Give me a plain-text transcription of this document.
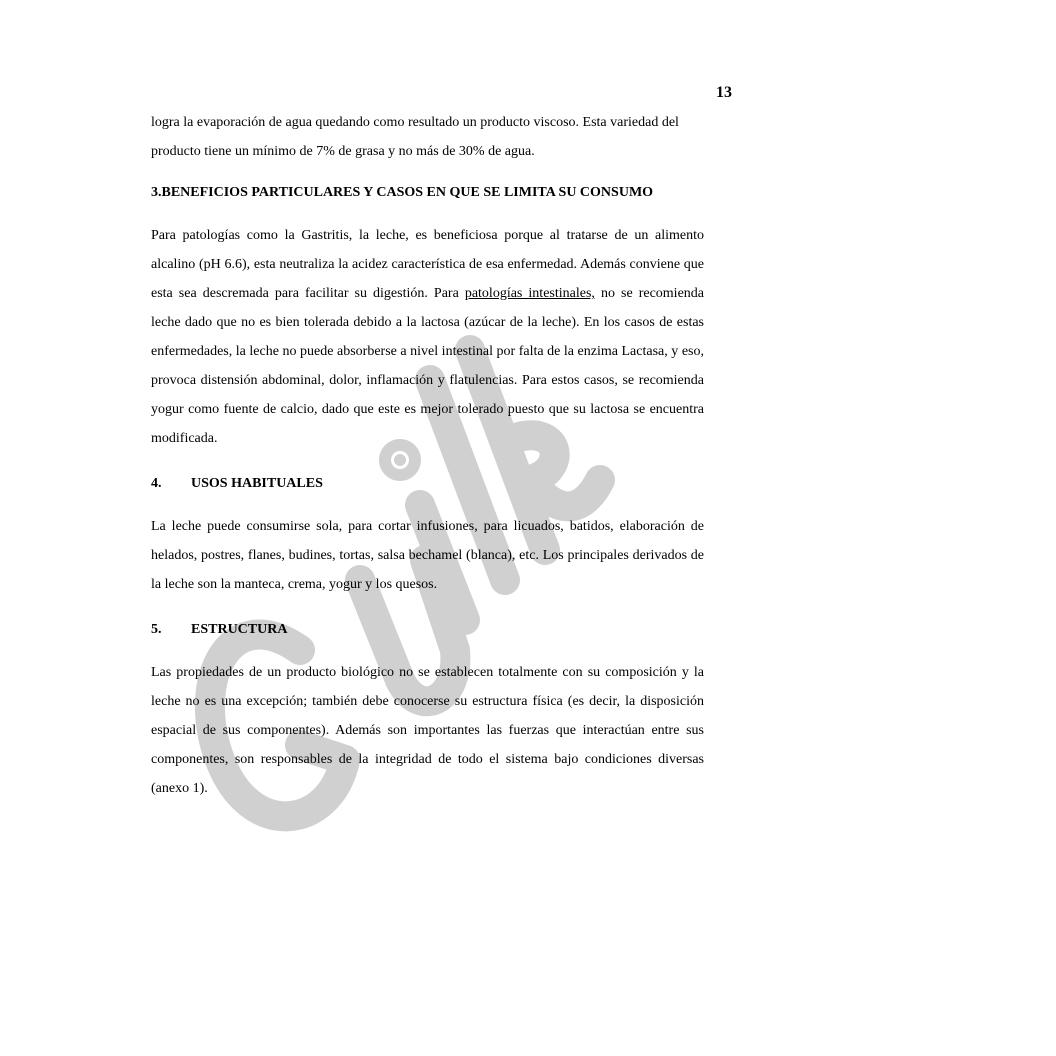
13

logra la evaporación de agua quedando como resultado un producto viscoso. Esta variedad del producto tiene un mínimo de 7% de grasa y no más de 30% de agua.

3.BENEFICIOS PARTICULARES Y CASOS EN QUE SE LIMITA SU CONSUMO

Para patologías como la Gastritis, la leche, es beneficiosa porque al tratarse de un alimento alcalino (pH 6.6), esta neutraliza la acidez característica de esa enfermedad. Además conviene que esta sea descremada para facilitar su digestión. Para patologías intestinales, no se recomienda leche dado que no es bien tolerada debido a la lactosa (azúcar de la leche). En los casos de estas enfermedades, la leche no puede absorberse a nivel intestinal por falta de la enzima Lactasa, y eso, provoca distensión abdominal, dolor, inflamación y flatulencias. Para estos casos, se recomienda yogur como fuente de calcio, dado que este es mejor tolerado puesto que su lactosa se encuentra modificada.

4. USOS HABITUALES

La leche puede consumirse sola, para cortar infusiones, para licuados, batidos, elaboración de helados, postres, flanes, budines, tortas, salsa bechamel (blanca), etc. Los principales derivados de la leche son la manteca, crema, yogur y los quesos.

5. ESTRUCTURA

Las propiedades de un producto biológico no se establecen totalmente con su composición y la leche no es una excepción; también debe conocerse su estructura física (es decir, la disposición espacial de sus componentes). Además son importantes las fuerzas que interactúan entre sus componentes, son responsables de la integridad de todo el sistema bajo condiciones diversas (anexo 1).
